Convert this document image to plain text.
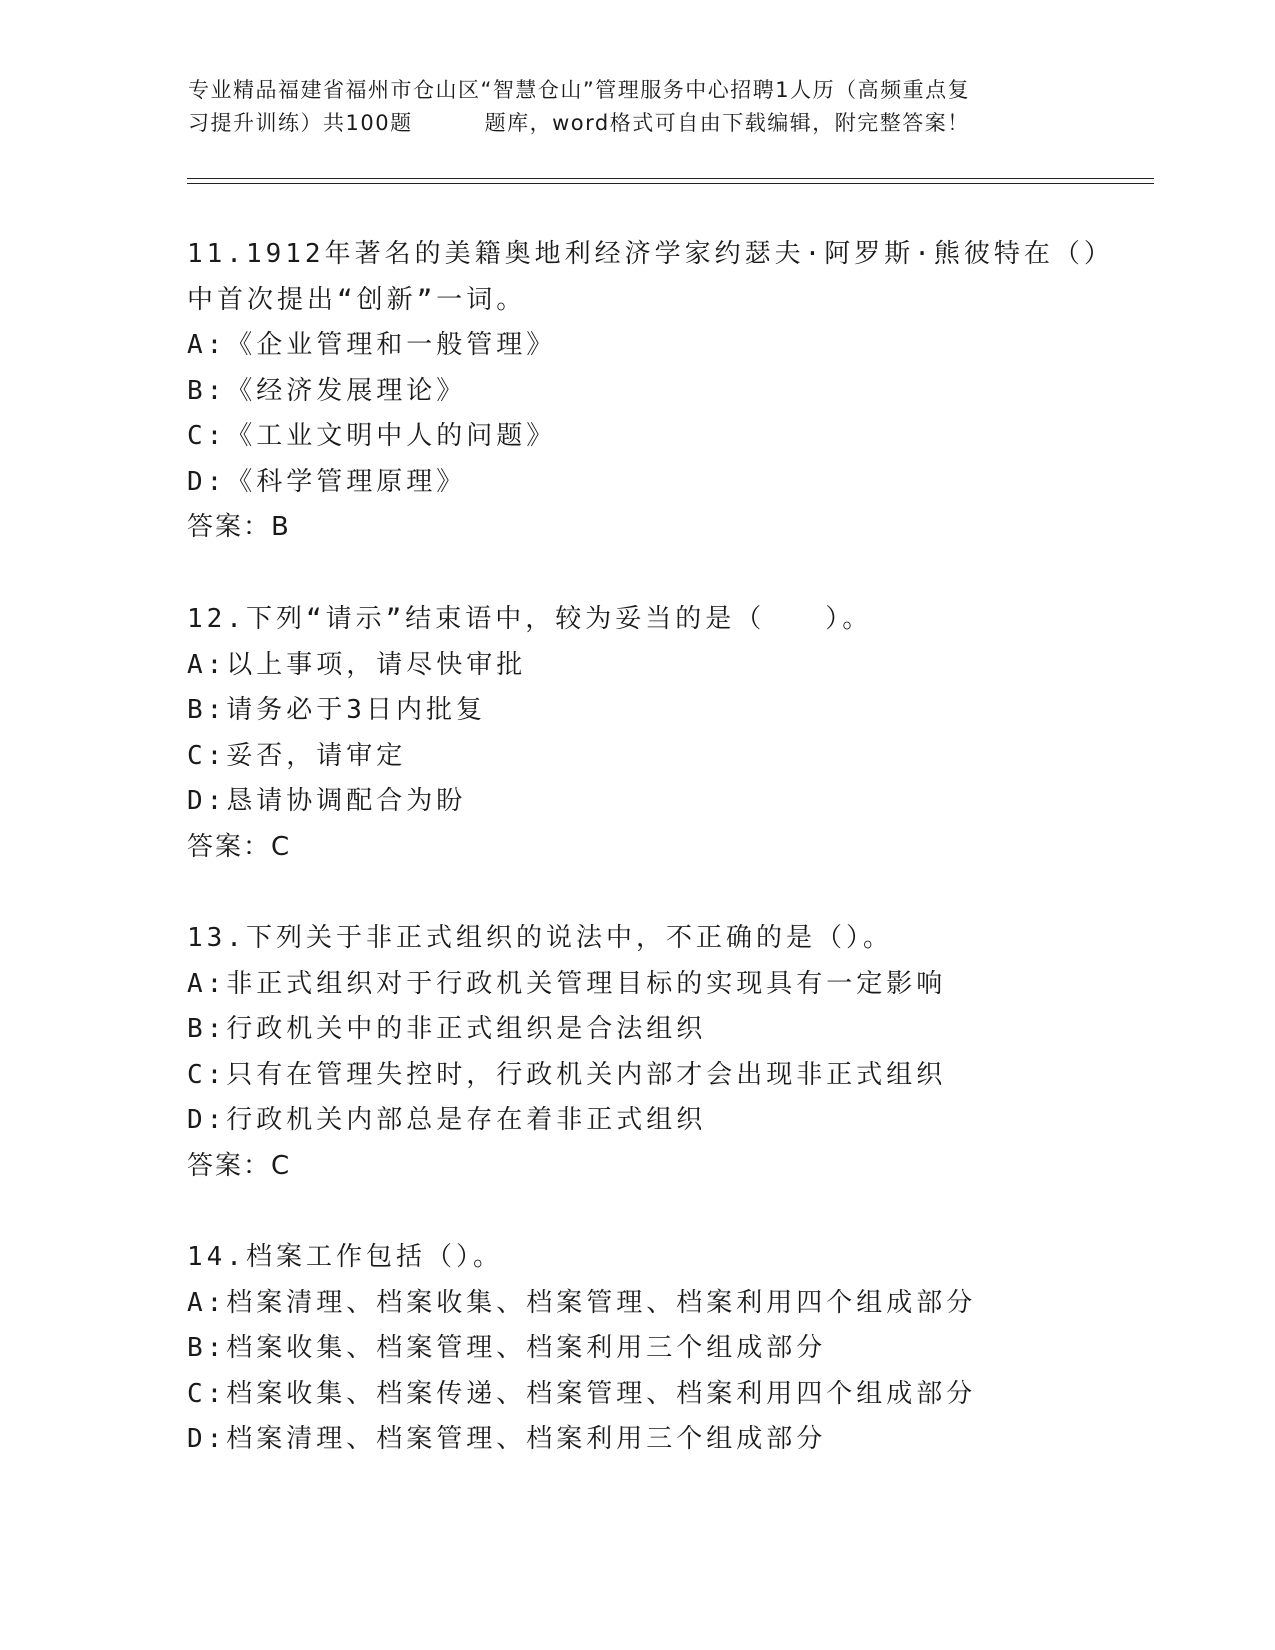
专业精品福建省福州市仓山区“智慧仓山”管理服务中心招聘1人历（高频重点复
习提升训练）共100题	题库，word格式可自由下载编辑，附完整答案！
11.1912年著名的美籍奥地利经济学家约瑟夫·阿罗斯·熊彼特在（）
中首次提出“创新”一词。
A:《企业管理和一般管理》
B:《经济发展理论》
C:《工业文明中人的问题》
D:《科学管理原理》
答案：B
12.下列“请示”结束语中，较为妥当的是（　　）。
A:以上事项，请尽快审批
B:请务必于3日内批复
C:妥否，请审定
D:恳请协调配合为盼
答案：C
13.下列关于非正式组织的说法中，不正确的是（）。
A:非正式组织对于行政机关管理目标的实现具有一定影响
B:行政机关中的非正式组织是合法组织
C:只有在管理失控时，行政机关内部才会出现非正式组织
D:行政机关内部总是存在着非正式组织
答案：C
14.档案工作包括（）。
A:档案清理、档案收集、档案管理、档案利用四个组成部分
B:档案收集、档案管理、档案利用三个组成部分
C:档案收集、档案传递、档案管理、档案利用四个组成部分
D:档案清理、档案管理、档案利用三个组成部分
